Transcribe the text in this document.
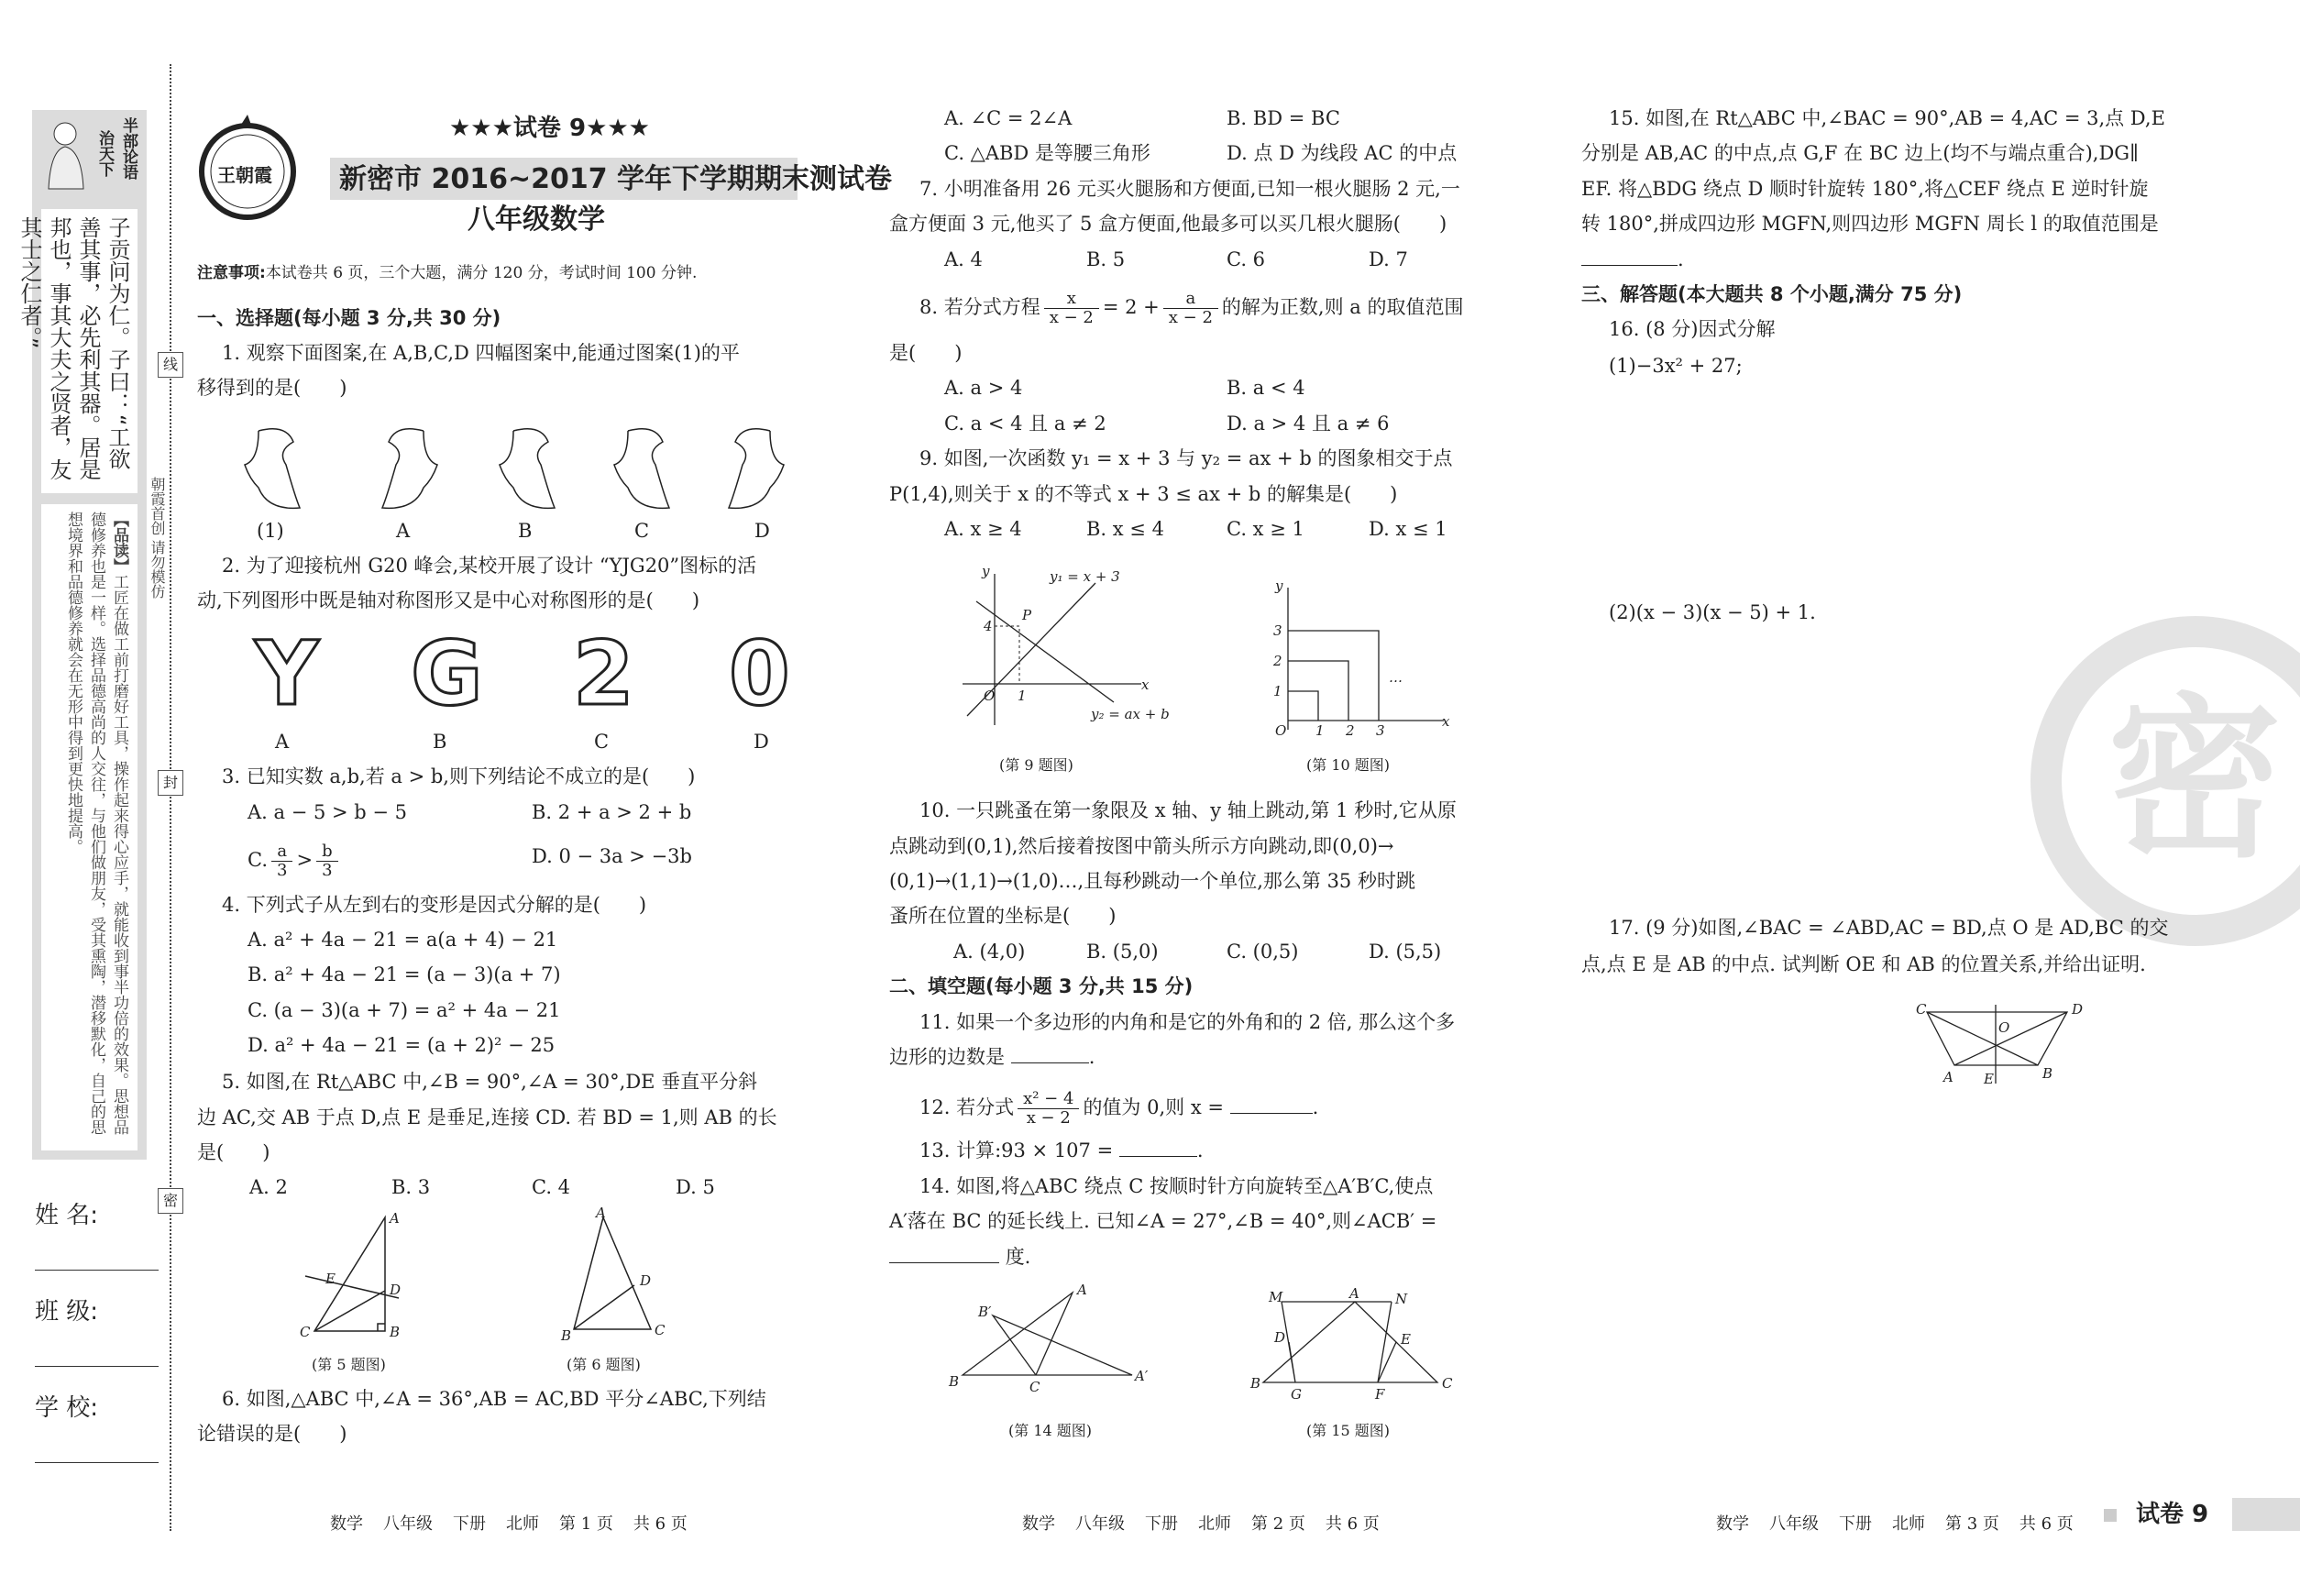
半部论语
治天下
子贡问为仁。子曰：“工欲善其事，必先利其器。居是邦也，事其大夫之贤者，友其士之仁者。”
【品读】工匠在做工前打磨好工具，操作起来得心应手，就能收到事半功倍的效果。思想品德修养也是一样。选择品德高尚的人交往，与他们做朋友，受其熏陶，潜移默化，自己的思想境界和品德修养就会在无形中得到更快地提高。
线
朝霞首创 请勿模仿
封
密
姓 名:
班 级:
学 校:
王朝霞
★★★试卷 9★★★
新密市 2016~2017 学年下学期期末测试卷
八年级数学
注意事项:本试卷共 6 页，三个大题，满分 120 分，考试时间 100 分钟.
一、选择题(每小题 3 分,共 30 分)
1. 观察下面图案,在 A,B,C,D 四幅图案中,能通过图案(1)的平
移得到的是(　　)
(1)	A	B	C	D
2. 为了迎接杭州 G20 峰会,某校开展了设计 “YJG20”图标的活
动,下列图形中既是轴对称图形又是中心对称图形的是(　　)
Y G 2 0
A	B	C	D
3. 已知实数 a,b,若 a > b,则下列结论不成立的是(　　)
A. a − 5 > b − 5	B. 2 + a > 2 + b
C. $\frac{a}{3} > \frac{b}{3}$	D. 0 − 3a > −3b
4. 下列式子从左到右的变形是因式分解的是(　　)
A. a² + 4a − 21 = a(a + 4) − 21
B. a² + 4a − 21 = (a − 3)(a + 7)
C. (a − 3)(a + 7) = a² + 4a − 21
D. a² + 4a − 21 = (a + 2)² − 25
5. 如图,在 Rt△ABC 中,∠B = 90°,∠A = 30°,DE 垂直平分斜
边 AC,交 AB 于点 D,点 E 是垂足,连接 CD. 若 BD = 1,则 AB 的长
是(　　)
A. 2	B. 3	C. 4	D. 5
A
E
D
C	B
A
D
B	C
(第 5 题图)	(第 6 题图)
6. 如图,△ABC 中,∠A = 36°,AB = AC,BD 平分∠ABC,下列结
论错误的是(　　)
A. ∠C = 2∠A	B. BD = BC
C. △ABD 是等腰三角形	D. 点 D 为线段 AC 的中点
7. 小明准备用 26 元买火腿肠和方便面,已知一根火腿肠 2 元,一
盒方便面 3 元,他买了 5 盒方便面,他最多可以买几根火腿肠(　　)
A. 4	B. 5	C. 6	D. 7
8. 若分式方程 $\frac{x}{x - 2} = 2 + \frac{a}{x - 2}$ 的解为正数,则 a 的取值范围
是(　　)
A. a > 4	B. a < 4
C. a < 4 且 a ≠ 2	D. a > 4 且 a ≠ 6
9. 如图,一次函数 y₁ = x + 3 与 y₂ = ax + b 的图象相交于点
P(1,4),则关于 x 的不等式 x + 3 ≤ ax + b 的解集是(　　)
A. x ≥ 4	B. x ≤ 4	C. x ≥ 1	D. x ≤ 1
y	y₁ = x + 3
P
4
O 1
x
y₂ = ax + b
y
3
2
1
O 1 2 3
x
…
(第 9 题图)	(第 10 题图)
10. 一只跳蚤在第一象限及 x 轴、y 轴上跳动,第 1 秒时,它从原
点跳动到(0,1),然后接着按图中箭头所示方向跳动,即(0,0)→
(0,1)→(1,1)→(1,0)…,且每秒跳动一个单位,那么第 35 秒时跳
蚤所在位置的坐标是(　　)
A. (4,0)	B. (5,0)	C. (0,5)	D. (5,5)
二、填空题(每小题 3 分,共 15 分)
11. 如果一个多边形的内角和是它的外角和的 2 倍, 那么这个多
边形的边数是	.
12. 若分式 $\frac{\text{x² − 4}}{x - 2}$ 的值为 0,则 x =	.
13. 计算:93 × 107 =	.
14. 如图,将△ABC 绕点 C 按顺时针方向旋转至△A′B′C,使点
A′落在 BC 的延长线上. 已知∠A = 27°,∠B = 40°,则∠ACB′ =
度.
B′
A
B	C
A′
M	A	N
D	E
B
G	F
C
(第 14 题图)	(第 15 题图)
15. 如图,在 Rt△ABC 中,∠BAC = 90°,AB = 4,AC = 3,点 D,E
分别是 AB,AC 的中点,点 G,F 在 BC 边上(均不与端点重合),DG∥
EF. 将△BDG 绕点 D 顺时针旋转 180°,将△CEF 绕点 E 逆时针旋
转 180°,拼成四边形 MGFN,则四边形 MGFN 周长 l 的取值范围是
.
三、解答题(本大题共 8 个小题,满分 75 分)
16. (8 分)因式分解
(1)−3x² + 27;
(2)(x − 3)(x − 5) + 1.
密
17. (9 分)如图,∠BAC = ∠ABD,AC = BD,点 O 是 AD,BC 的交
点,点 E 是 AB 的中点. 试判断 OE 和 AB 的位置关系,并给出证明.
C	D
O
A E	B
数学 八年级 下册 北师 第 1 页 共 6 页	数学 八年级 下册 北师 第 2 页 共 6 页	数学 八年级 下册 北师 第 3 页 共 6 页	试卷 9
